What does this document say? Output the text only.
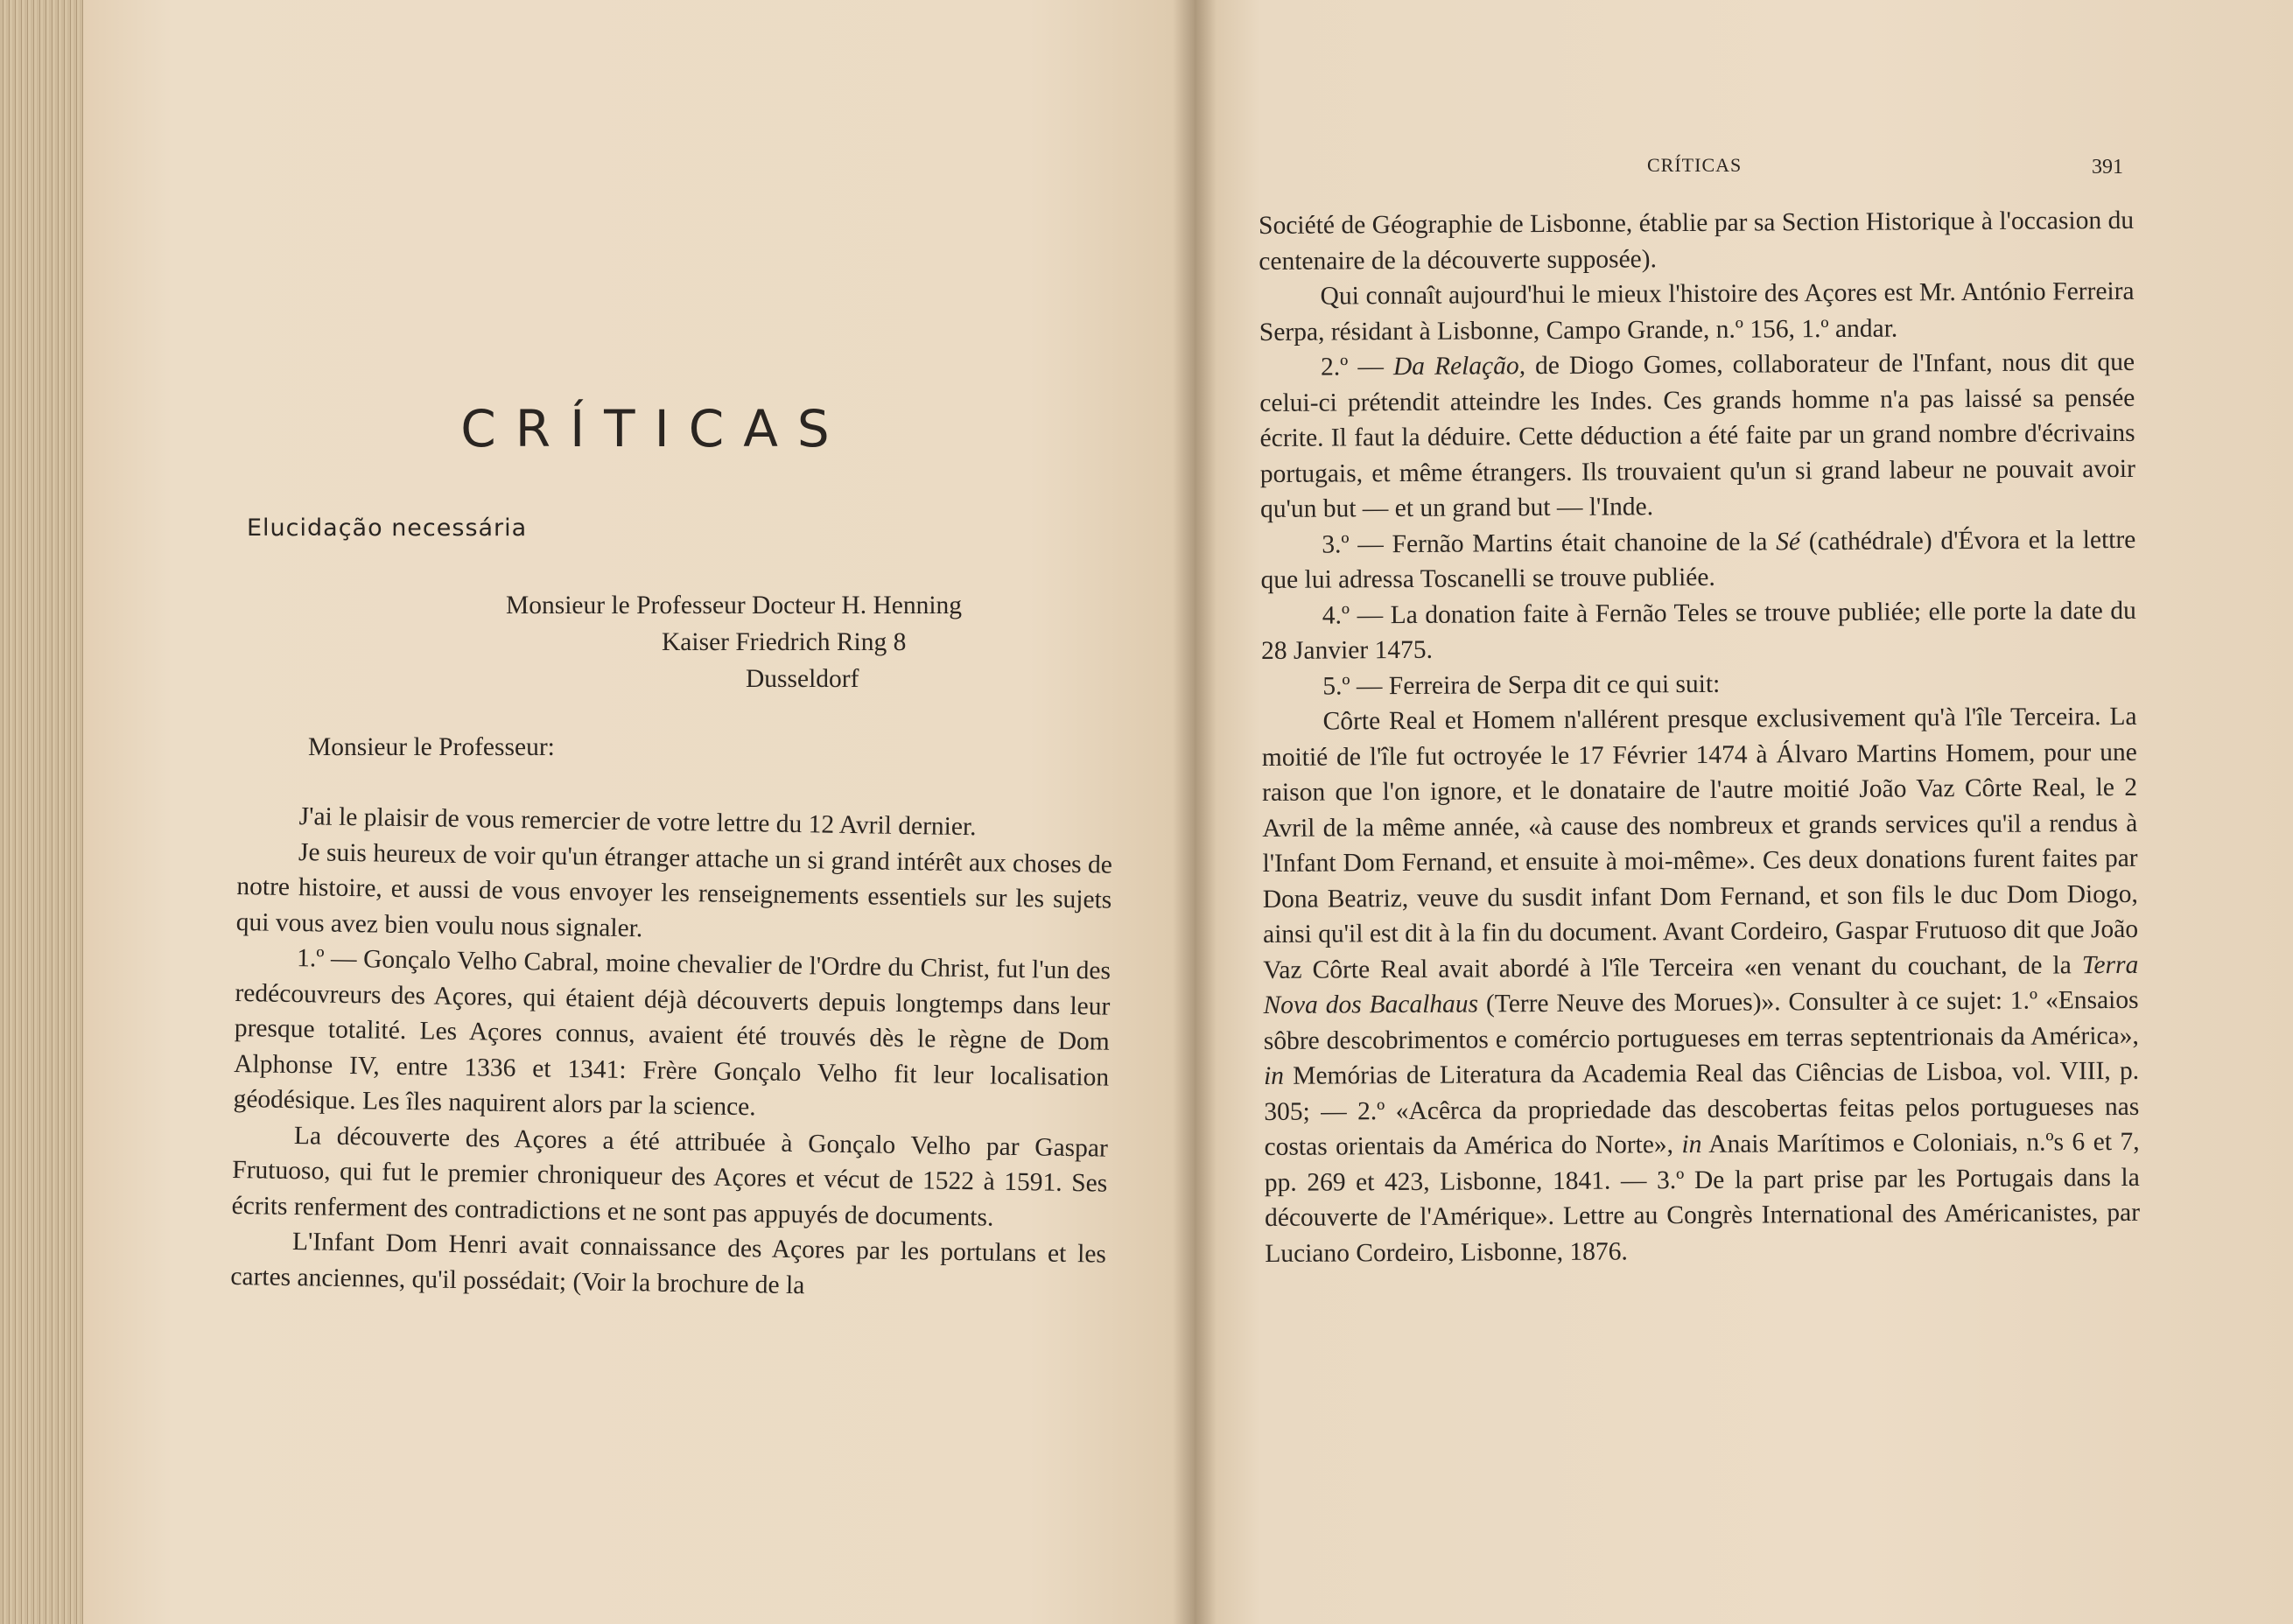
CRÍTICAS
Elucidação necessária
Monsieur le Professeur Docteur H. Henning
Kaiser Friedrich Ring 8
Dusseldorf
Monsieur le Professeur:

J'ai le plaisir de vous remercier de votre lettre du 12 Avril dernier.

Je suis heureux de voir qu'un étranger attache un si grand intérêt aux choses de notre histoire, et aussi de vous envoyer les renseignements essentiels sur les sujets qui vous avez bien voulu nous signaler.

1.º — Gonçalo Velho Cabral, moine chevalier de l'Ordre du Christ, fut l'un des redécouvreurs des Açores, qui étaient déjà découverts depuis longtemps dans leur presque totalité. Les Açores connus, avaient été trouvés dès le règne de Dom Alphonse IV, entre 1336 et 1341: Frère Gonçalo Velho fit leur localisation géodésique. Les îles naquirent alors par la science.

La découverte des Açores a été attribuée à Gonçalo Velho par Gaspar Frutuoso, qui fut le premier chroniqueur des Açores et vécut de 1522 à 1591. Ses écrits renferment des contradictions et ne sont pas appuyés de documents.

L'Infant Dom Henri avait connaissance des Açores par les portulans et les cartes anciennes, qu'il possédait; (Voir la brochure de la

CRÍTICAS	391

Société de Géographie de Lisbonne, établie par sa Section Historique à l'occasion du centenaire de la découverte supposée).

Qui connaît aujourd'hui le mieux l'histoire des Açores est Mr. António Ferreira Serpa, résidant à Lisbonne, Campo Grande, n.º 156, 1.º andar.

2.º — Da Relação, de Diogo Gomes, collaborateur de l'Infant, nous dit que celui-ci prétendit atteindre les Indes. Ces grands homme n'a pas laissé sa pensée écrite. Il faut la déduire. Cette déduction a été faite par un grand nombre d'écrivains portugais, et même étrangers. Ils trouvaient qu'un si grand labeur ne pouvait avoir qu'un but — et un grand but — l'Inde.

3.º — Fernão Martins était chanoine de la Sé (cathédrale) d'Évora et la lettre que lui adressa Toscanelli se trouve publiée.

4.º — La donation faite à Fernão Teles se trouve publiée; elle porte la date du 28 Janvier 1475.

5.º — Ferreira de Serpa dit ce qui suit:

Côrte Real et Homem n'allérent presque exclusivement qu'à l'île Terceira. La moitié de l'île fut octroyée le 17 Février 1474 à Álvaro Martins Homem, pour une raison que l'on ignore, et le donataire de l'autre moitié João Vaz Côrte Real, le 2 Avril de la même année, «à cause des nombreux et grands services qu'il a rendus à l'Infant Dom Fernand, et ensuite à moi-même». Ces deux donations furent faites par Dona Beatriz, veuve du susdit infant Dom Fernand, et son fils le duc Dom Diogo, ainsi qu'il est dit à la fin du document. Avant Cordeiro, Gaspar Frutuoso dit que João Vaz Côrte Real avait abordé à l'île Terceira «en venant du couchant, de la Terra Nova dos Bacalhaus (Terre Neuve des Morues)». Consulter à ce sujet: 1.º «Ensaios sôbre descobrimentos e comércio portugueses em terras septentrionais da América», in Memórias de Literatura da Academia Real das Ciências de Lisboa, vol. VIII, p. 305; — 2.º «Acêrca da propriedade das descobertas feitas pelos portugueses nas costas orientais da América do Norte», in Anais Marítimos e Coloniais, n.ºs 6 et 7, pp. 269 et 423, Lisbonne, 1841. — 3.º De la part prise par les Portugais dans la découverte de l'Amérique». Lettre au Congrès International des Américanistes, par Luciano Cordeiro, Lisbonne, 1876.
